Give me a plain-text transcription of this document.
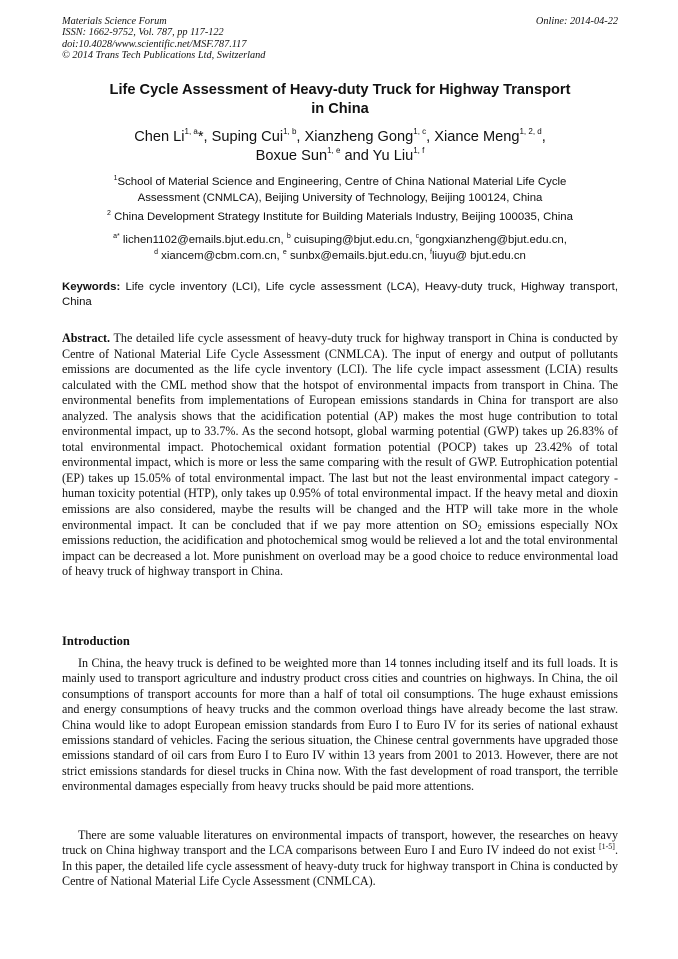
Materials Science Forum
ISSN: 1662-9752, Vol. 787, pp 117-122
doi:10.4028/www.scientific.net/MSF.787.117
© 2014 Trans Tech Publications Ltd, Switzerland
Online: 2014-04-22
Life Cycle Assessment of Heavy-duty Truck for Highway Transport
in China
Chen Li$^{1, a}$*, Suping Cui$^{1, b}$, Xianzheng Gong$^{1, c}$, Xiance Meng$^{1, 2, d}$,
Boxue Sun$^{1, e}$ and Yu Liu$^{1, f}$
$^1$School of Material Science and Engineering, Centre of China National Material Life Cycle
Assessment (CNMLCA), Beijing University of Technology, Beijing 100124, China
$^2$ China Development Strategy Institute for Building Materials Industry, Beijing 100035, China
$^{a*}$ lichen1102@emails.bjut.edu.cn, $^b$ cuisuping@bjut.edu.cn, $^c$gongxianzheng@bjut.edu.cn,
$^d$ xiancem@cbm.com.cn, $^e$ sunbx@emails.bjut.edu.cn, $^f$liuyu@ bjut.edu.cn
Keywords: Life cycle inventory (LCI), Life cycle assessment (LCA), Heavy-duty truck, Highway transport, China
Abstract. The detailed life cycle assessment of heavy-duty truck for highway transport in China is conducted by Centre of National Material Life Cycle Assessment (CNMLCA). The input of energy and output of pollutants emissions are documented as the life cycle inventory (LCI). The life cycle impact assessment (LCIA) results calculated with the CML method show that the hotspot of environmental impacts from transport in China. The environmental benefits from implementations of European emissions standards in China for transport are also analyzed. The analysis shows that the acidification potential (AP) makes the most huge contribution to total environmental impact, up to 33.7%. As the second hotsopt, global warming potential (GWP) takes up 26.83% of total environmental impact. Photochemical oxidant formation potential (POCP) takes up 23.42% of total environmental impact, which is more or less the same comparing with the result of GWP. Eutrophication potential (EP) takes up 15.05% of total environmental impact. The last but not the least environmental impact category - human toxicity potential (HTP), only takes up 0.95% of total environmental impact. If the heavy metal and dioxin emissions are also considered, maybe the results will be changed and the HTP will take more in the whole environmental impact. It can be concluded that if we pay more attention on $SO_2$ emissions especially NOx emissions reduction, the acidification and photochemical smog would be relieved a lot and the total environmental impact can be decreased a lot. More punishment on overload may be a good choice to reduce environmental load of heavy truck of highway transport in China.
Introduction
In China, the heavy truck is defined to be weighted more than 14 tonnes including itself and its full loads. It is mainly used to transport agriculture and industry product cross cities and countries on highways. In China, the oil consumptions of transport accounts for more than a half of total oil consumptions. The huge exhaust emissions and energy consumptions of heavy trucks and the common overload things have already become the last straw. China would like to adopt European emission standards from Euro I to Euro IV for its series of national exhaust emissions standard of vehicles. Facing the serious situation, the Chinese central governments have upgraded those emissions standard of oil cars from Euro I to Euro IV within 13 years from 2001 to 2013. However, there are not strict emissions standards for diesel trucks in China now. With the fast development of road transport, the terrible environmental damages especially from heavy trucks should be paid more attentions.
There are some valuable literatures on environmental impacts of transport, however, the researches on heavy truck on China highway transport and the LCA comparisons between Euro I and Euro IV indeed do not exist [1-5]. In this paper, the detailed life cycle assessment of heavy-duty truck for highway transport in China is conducted by Centre of National Material Life Cycle Assessment (CNMLCA).
